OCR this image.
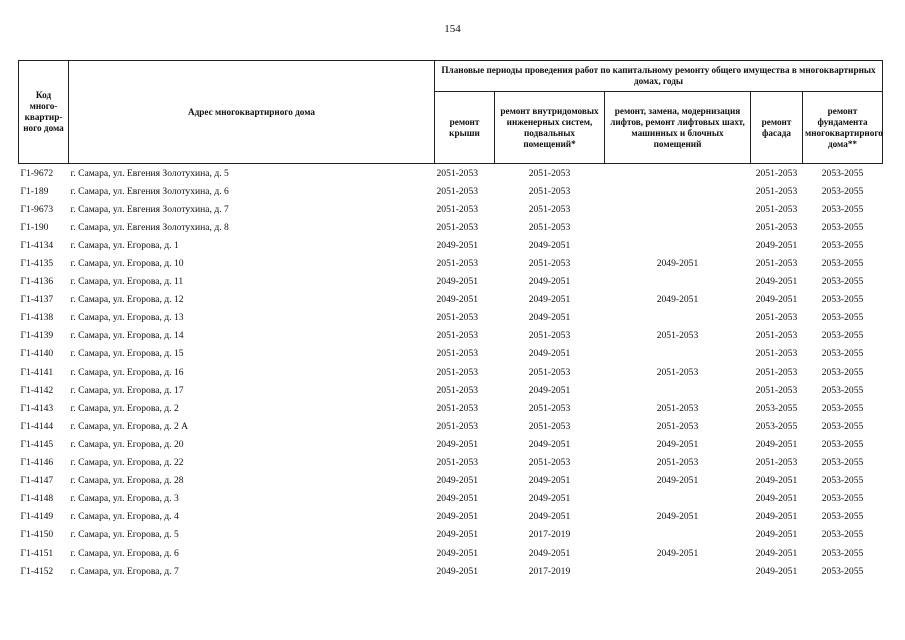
154
Код много-квартир-ного дома	Адрес многоквартирного дома	Плановые периоды проведения работ по капитальному ремонту общего имущества в многоквартирных домах, годы				
		ремонт крыши	ремонт внутридомовых инженерных систем, подвальных помещений*	ремонт, замена, модернизация лифтов, ремонт лифтовых шахт, машинных и блочных помещений	ремонт фасада	ремонт фундамента многоквартирного дома**
Г1-9672	г. Самара, ул. Евгения Золотухина, д. 5	2051-2053	2051-2053		2051-2053	2053-2055
Г1-189	г. Самара, ул. Евгения Золотухина, д. 6	2051-2053	2051-2053		2051-2053	2053-2055
Г1-9673	г. Самара, ул. Евгения Золотухина, д. 7	2051-2053	2051-2053		2051-2053	2053-2055
Г1-190	г. Самара, ул. Евгения Золотухина, д. 8	2051-2053	2051-2053		2051-2053	2053-2055
Г1-4134	г. Самара, ул. Егорова, д. 1	2049-2051	2049-2051		2049-2051	2053-2055
Г1-4135	г. Самара, ул. Егорова, д. 10	2051-2053	2051-2053	2049-2051	2051-2053	2053-2055
Г1-4136	г. Самара, ул. Егорова, д. 11	2049-2051	2049-2051		2049-2051	2053-2055
Г1-4137	г. Самара, ул. Егорова, д. 12	2049-2051	2049-2051	2049-2051	2049-2051	2053-2055
Г1-4138	г. Самара, ул. Егорова, д. 13	2051-2053	2049-2051		2051-2053	2053-2055
Г1-4139	г. Самара, ул. Егорова, д. 14	2051-2053	2051-2053	2051-2053	2051-2053	2053-2055
Г1-4140	г. Самара, ул. Егорова, д. 15	2051-2053	2049-2051		2051-2053	2053-2055
Г1-4141	г. Самара, ул. Егорова, д. 16	2051-2053	2051-2053	2051-2053	2051-2053	2053-2055
Г1-4142	г. Самара, ул. Егорова, д. 17	2051-2053	2049-2051		2051-2053	2053-2055
Г1-4143	г. Самара, ул. Егорова, д. 2	2051-2053	2051-2053	2051-2053	2053-2055	2053-2055
Г1-4144	г. Самара, ул. Егорова, д. 2 А	2051-2053	2051-2053	2051-2053	2053-2055	2053-2055
Г1-4145	г. Самара, ул. Егорова, д. 20	2049-2051	2049-2051	2049-2051	2049-2051	2053-2055
Г1-4146	г. Самара, ул. Егорова, д. 22	2051-2053	2051-2053	2051-2053	2051-2053	2053-2055
Г1-4147	г. Самара, ул. Егорова, д. 28	2049-2051	2049-2051	2049-2051	2049-2051	2053-2055
Г1-4148	г. Самара, ул. Егорова, д. 3	2049-2051	2049-2051		2049-2051	2053-2055
Г1-4149	г. Самара, ул. Егорова, д. 4	2049-2051	2049-2051	2049-2051	2049-2051	2053-2055
Г1-4150	г. Самара, ул. Егорова, д. 5	2049-2051	2017-2019		2049-2051	2053-2055
Г1-4151	г. Самара, ул. Егорова, д. 6	2049-2051	2049-2051	2049-2051	2049-2051	2053-2055
Г1-4152	г. Самара, ул. Егорова, д. 7	2049-2051	2017-2019		2049-2051	2053-2055
